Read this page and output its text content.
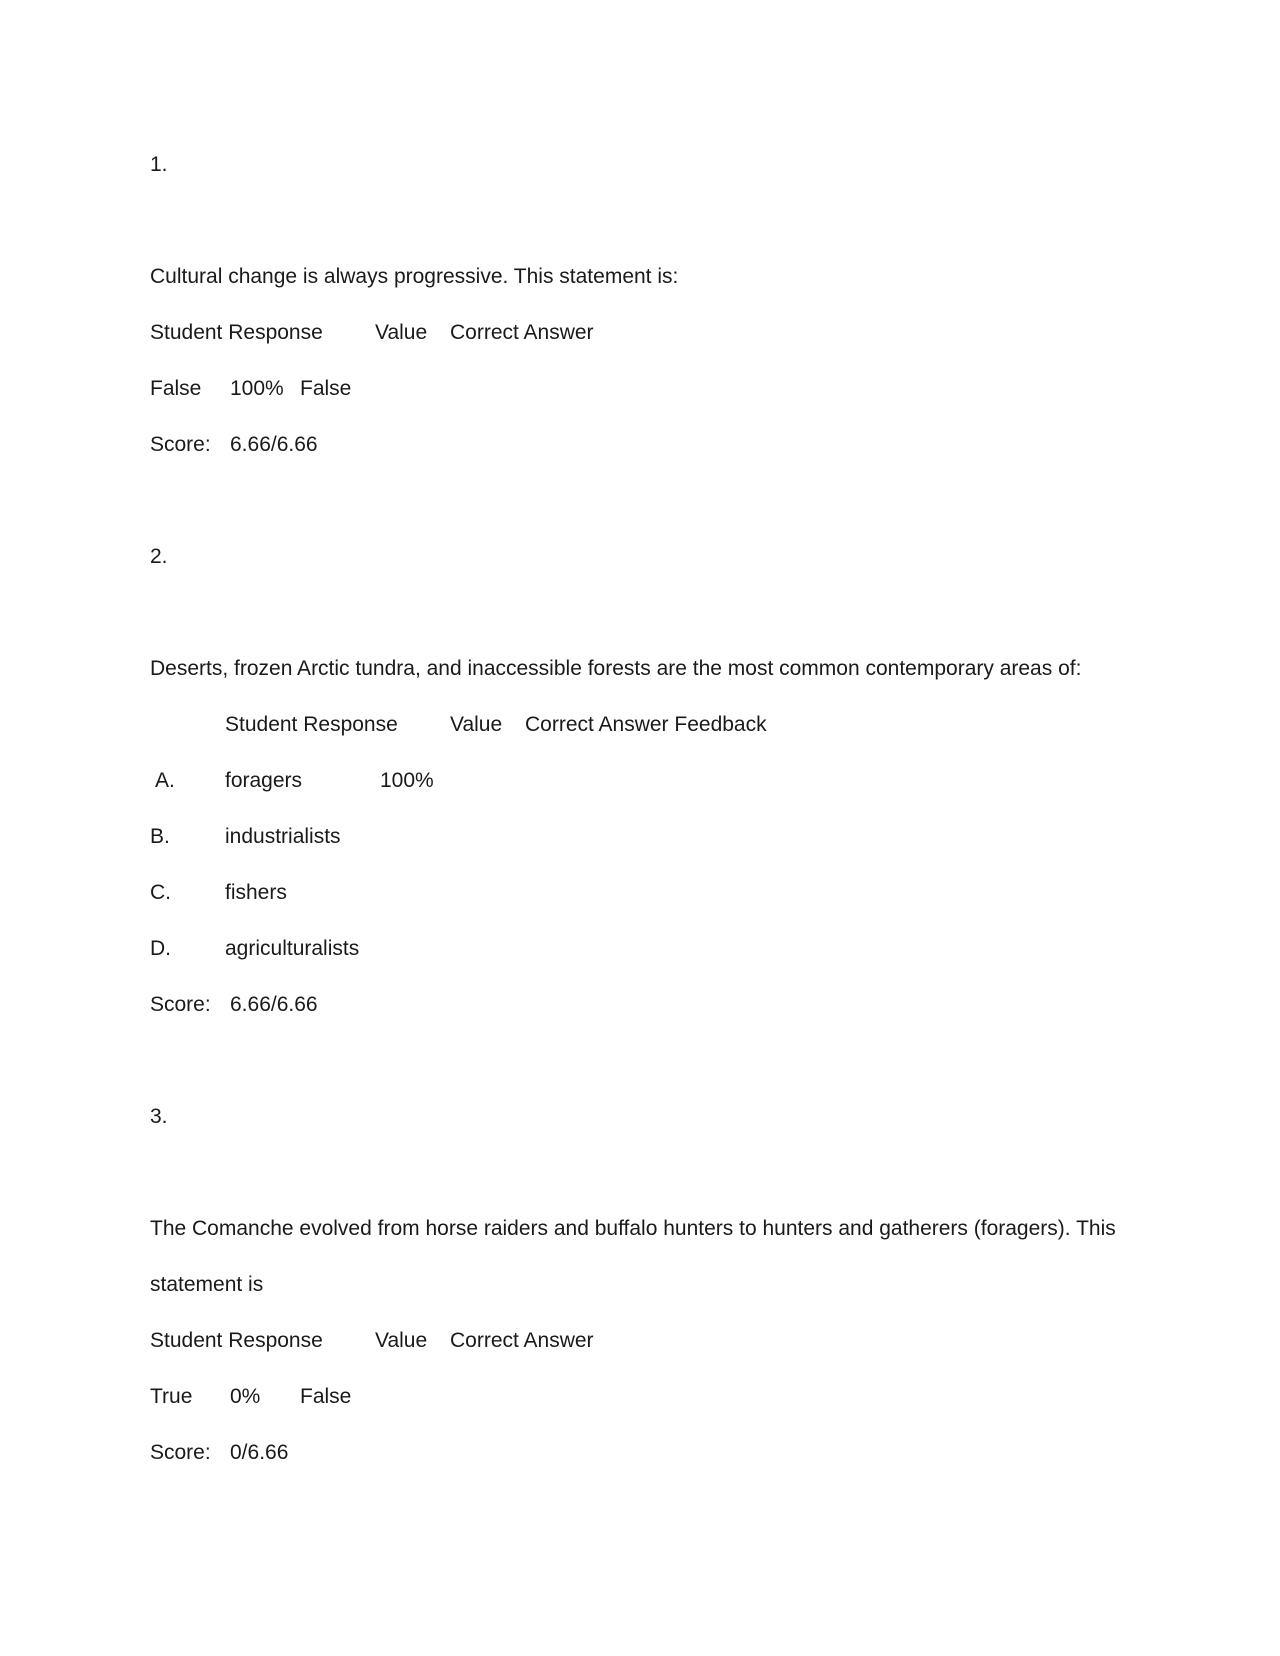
1.
Cultural change is always progressive. This statement is:
Student Response Value Correct Answer
False 100% False
Score: 6.66/6.66
2.
Deserts, frozen Arctic tundra, and inaccessible forests are the most common contemporary areas of:
Student Response Value Correct Answer Feedback
A. foragers	100%
B.	industrialists
C.	fishers
D.	agriculturalists
Score: 6.66/6.66
3.
The Comanche evolved from horse raiders and buffalo hunters to hunters and gatherers (foragers). This
statement is
Student Response Value Correct Answer
True 0% False
Score: 0/6.66
